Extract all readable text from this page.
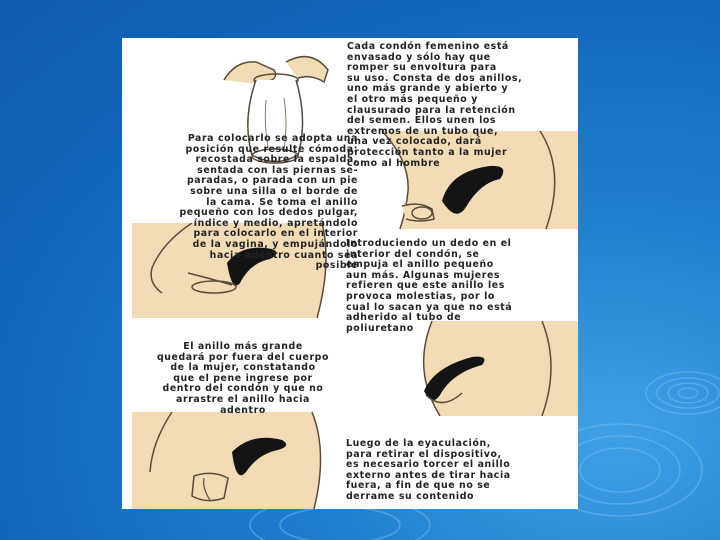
Cada condón femenino está
envasado y sólo hay que
romper su envoltura para
su uso. Consta de dos anillos,
uno más grande y abierto y
el otro más pequeño y
clausurado para la retención
del semen. Ellos unen los
extremos de un tubo que,
una vez colocado, dará
protección tanto a la mujer
como al hombre

Para colocarlo se adopta una
posición que resulte cómoda:
recostada sobre la espalda,
sentada con las piernas se-
paradas, o parada con un pie
sobre una silla o el borde de
la cama. Se toma el anillo
pequeño con los dedos pulgar,
índice y medio, apretándolo
para colocarlo en el interior
de la vagina, y empujándolo
hacia adentro cuanto sea
posible

Introduciendo un dedo en el
interior del condón, se
empuja el anillo pequeño
aun más. Algunas mujeres
refieren que este anillo les
provoca molestias, por lo
cual lo sacan ya que no está
adherido al tubo de
poliuretano

El anillo más grande
quedará por fuera del cuerpo
de la mujer, constatando
que el pene ingrese por
dentro del condón y que no
arrastre el anillo hacia
adentro

Luego de la eyaculación,
para retirar el dispositivo,
es necesario torcer el anillo
externo antes de tirar hacia
fuera, a fin de que no se
derrame su contenido
